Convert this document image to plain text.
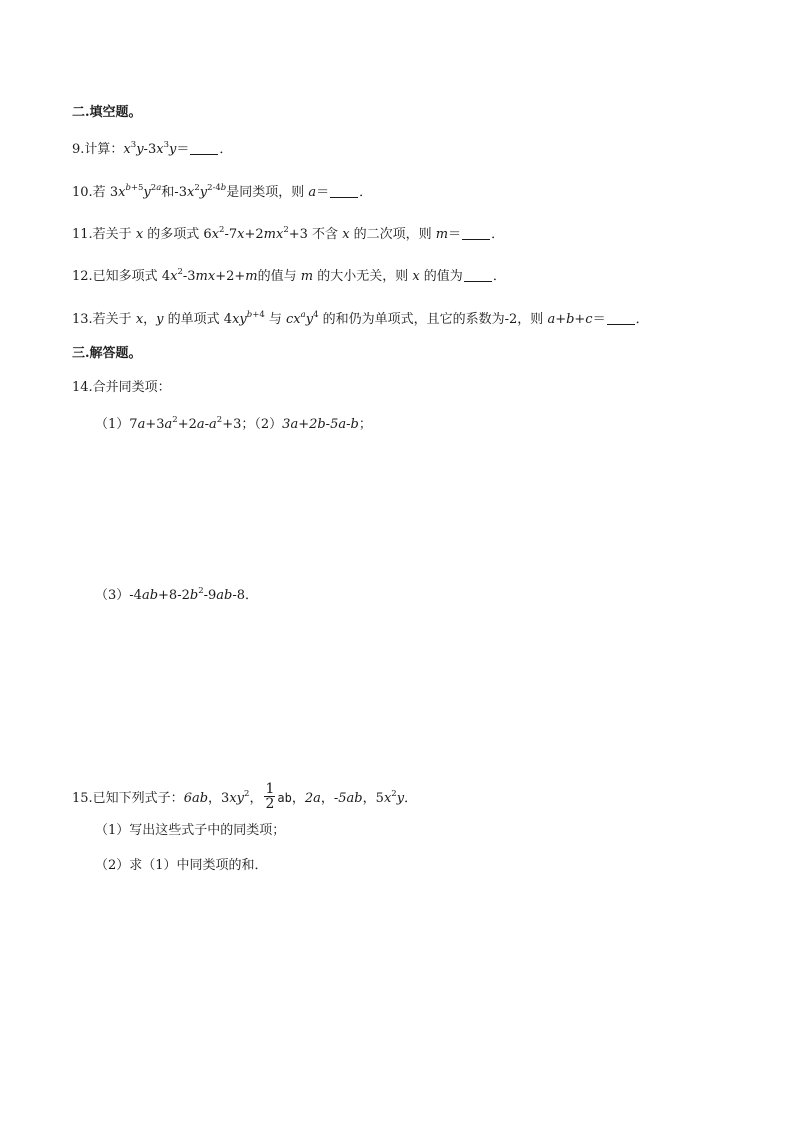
二.填空题。
9.计算：$x^3y-3x^3y=$ ．
10.若 $3x^{b+5}y^{2a}$和$-3x^2y^{2-4b}$是同类项，则 a＝ ．
11.若关于 x 的多项式 $6x^2-7x+2mx^2+3$ 不含 x 的二次项，则 m＝ ．
12.已知多项式 $4x^2-3mx+2+m$的值与 m 的大小无关，则 x 的值为 ．
13.若关于 x，y 的单项式 $4xy^{b+4}$ 与 $cx^ay^4$ 的和仍为单项式，且它的系数为-2，则 a+b+c＝ ．
三.解答题。
14.合并同类项：
$(1)7a+3a^2+2a-a^2+3$；（2）3a+2b-5a-b；
$(3)-4ab+8-2b^2-9ab-8$．
15.已知下列式子：6ab，$3xy^2$， $\frac{1}{2}$ ab，2a，-5ab，$5x^2y$．
（1）写出这些式子中的同类项；
（2）求（1）中同类项的和．
